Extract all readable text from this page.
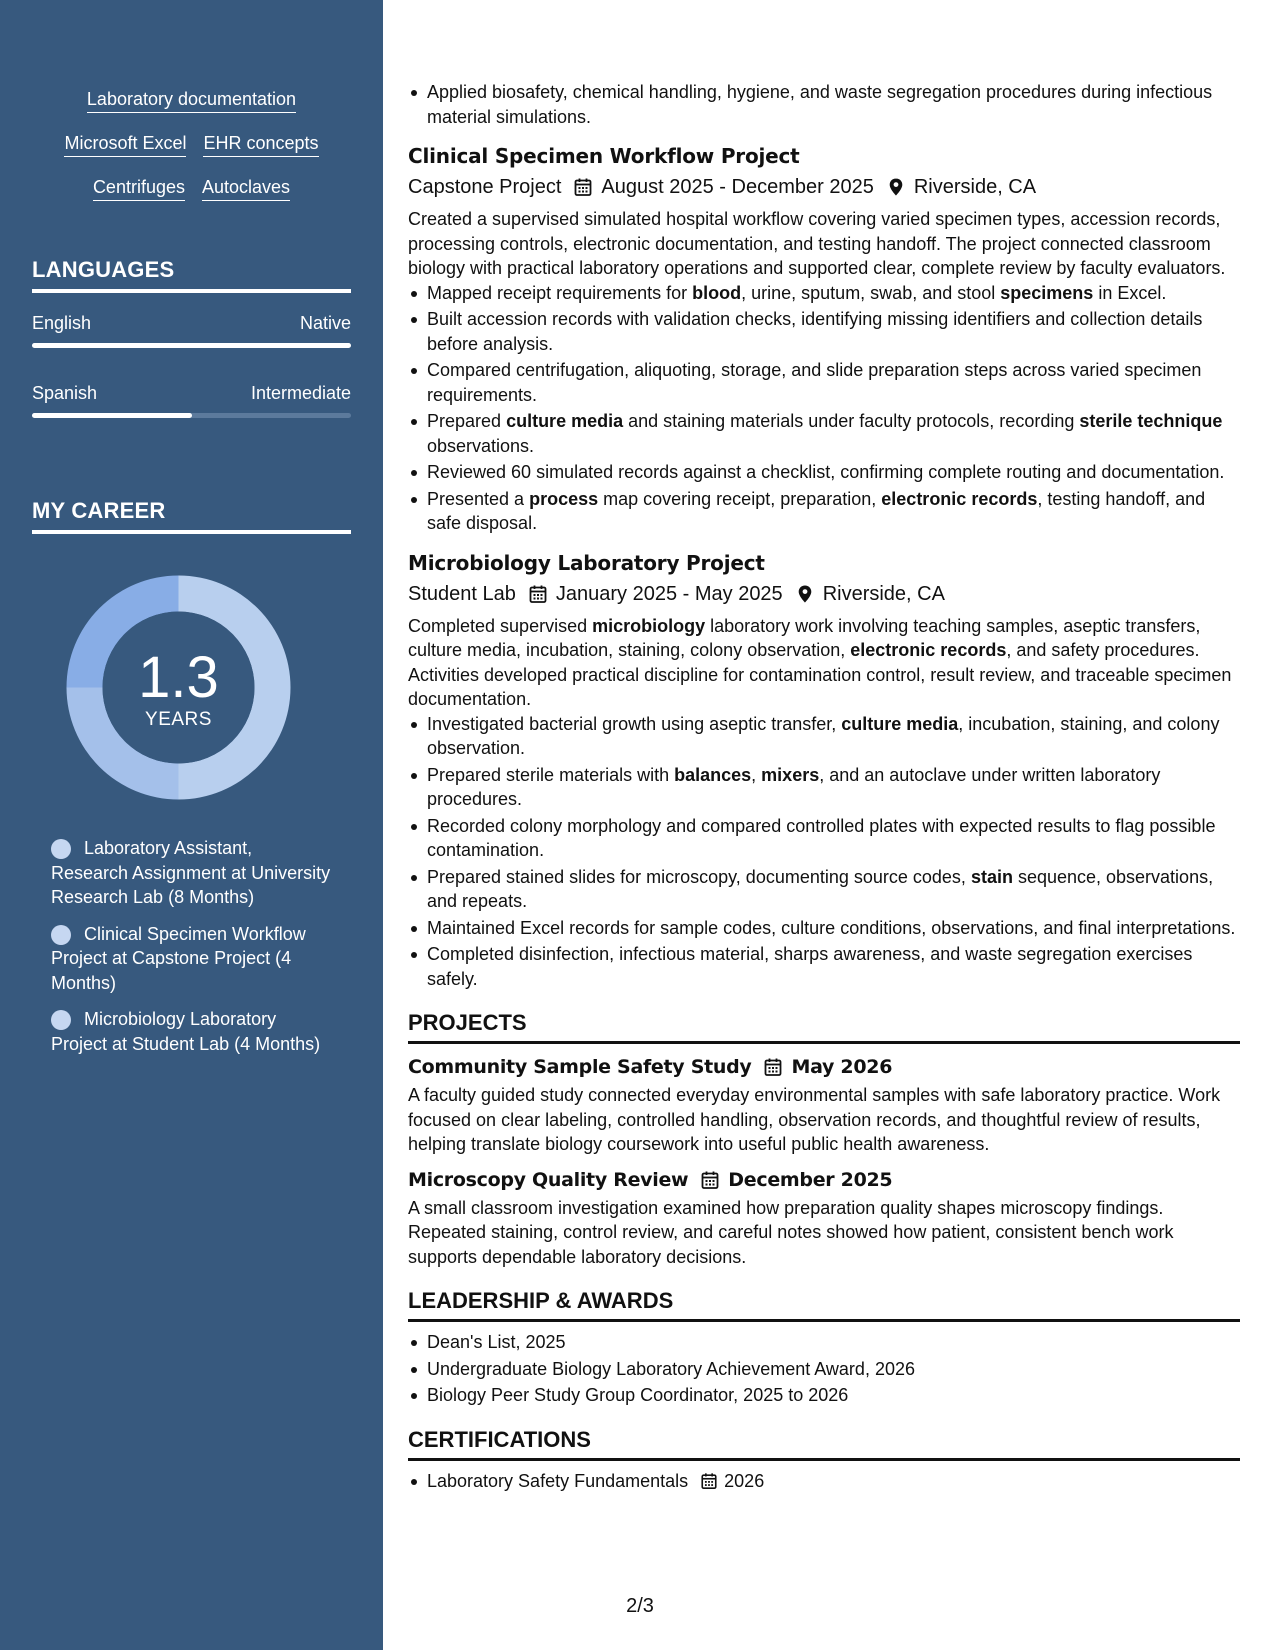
Laboratory documentation
Microsoft Excel EHR concepts
Centrifuges Autoclaves
LANGUAGES
English	Native
Spanish	Intermediate
MY CAREER
1.3
YEARS
Laboratory Assistant, Research Assignment at University Research Lab (8 Months)
Clinical Specimen Workflow Project at Capstone Project (4 Months)
Microbiology Laboratory Project at Student Lab (4 Months)
Applied biosafety, chemical handling, hygiene, and waste segregation procedures during infectious material simulations.
Clinical Specimen Workflow Project
Capstone Project August 2025 - December 2025 Riverside, CA

Created a supervised simulated hospital workflow covering varied specimen types, accession records, processing controls, electronic documentation, and testing handoff. The project connected classroom biology with practical laboratory operations and supported clear, complete review by faculty evaluators.

Mapped receipt requirements for blood, urine, sputum, swab, and stool specimens in Excel.
Built accession records with validation checks, identifying missing identifiers and collection details before analysis.
Compared centrifugation, aliquoting, storage, and slide preparation steps across varied specimen requirements.
Prepared culture media and staining materials under faculty protocols, recording sterile technique observations.
Reviewed 60 simulated records against a checklist, confirming complete routing and documentation.
Presented a process map covering receipt, preparation, electronic records, testing handoff, and safe disposal.
Microbiology Laboratory Project
Student Lab January 2025 - May 2025 Riverside, CA

Completed supervised microbiology laboratory work involving teaching samples, aseptic transfers, culture media, incubation, staining, colony observation, electronic records, and safety procedures. Activities developed practical discipline for contamination control, result review, and traceable specimen documentation.

Investigated bacterial growth using aseptic transfer, culture media, incubation, staining, and colony observation.
Prepared sterile materials with balances, mixers, and an autoclave under written laboratory procedures.
Recorded colony morphology and compared controlled plates with expected results to flag possible contamination.
Prepared stained slides for microscopy, documenting source codes, stain sequence, observations, and repeats.
Maintained Excel records for sample codes, culture conditions, observations, and final interpretations.
Completed disinfection, infectious material, sharps awareness, and waste segregation exercises safely.
PROJECTS
Community Sample Safety Study May 2026

A faculty guided study connected everyday environmental samples with safe laboratory practice. Work focused on clear labeling, controlled handling, observation records, and thoughtful review of results, helping translate biology coursework into useful public health awareness.

Microscopy Quality Review December 2025

A small classroom investigation examined how preparation quality shapes microscopy findings. Repeated staining, control review, and careful notes showed how patient, consistent bench work supports dependable laboratory decisions.

LEADERSHIP & AWARDS
Dean's List, 2025
Undergraduate Biology Laboratory Achievement Award, 2026
Biology Peer Study Group Coordinator, 2025 to 2026
CERTIFICATIONS
Laboratory Safety Fundamentals 2026
2/3
